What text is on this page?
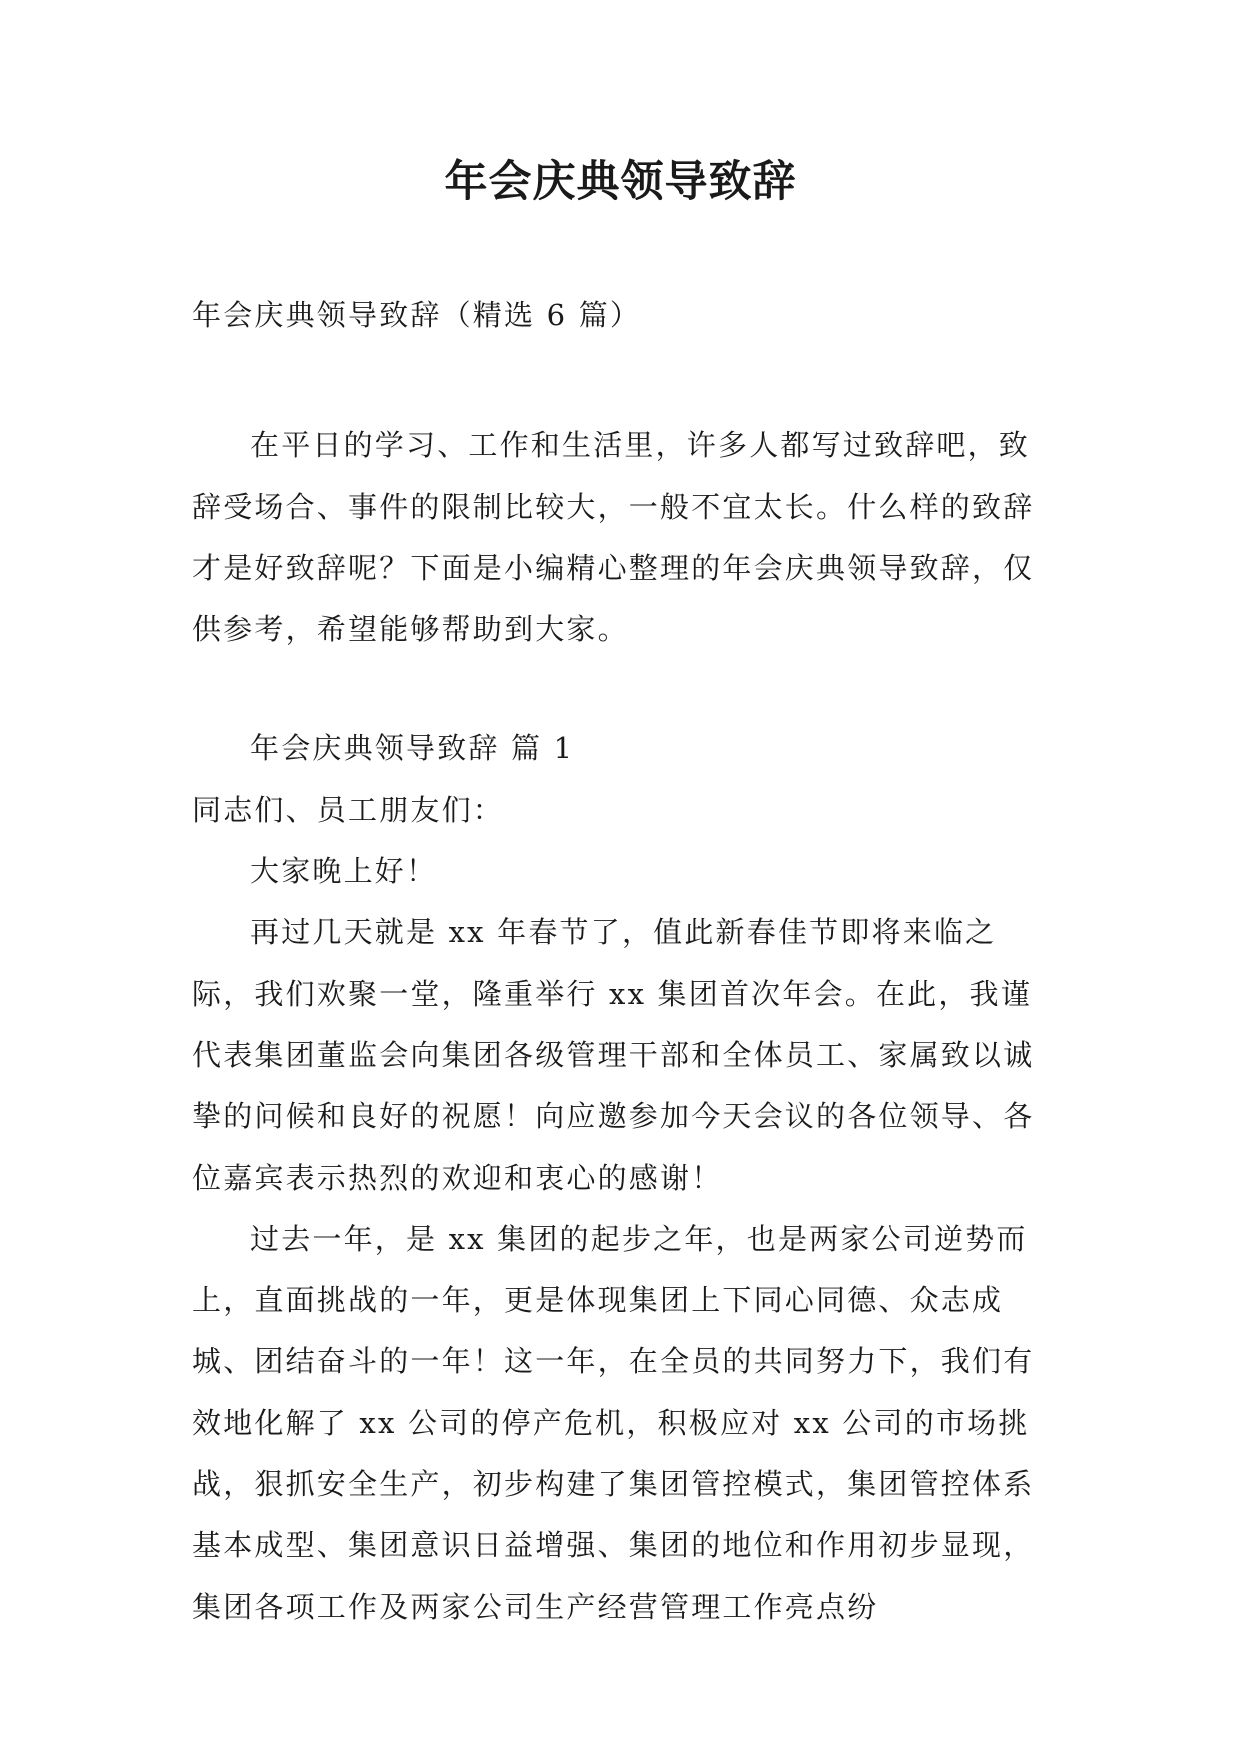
年会庆典领导致辞

年会庆典领导致辞（精选 6 篇）

在平日的学习、工作和生活里，许多人都写过致辞吧，致辞受场合、事件的限制比较大，一般不宜太长。什么样的致辞才是好致辞呢？下面是小编精心整理的年会庆典领导致辞，仅供参考，希望能够帮助到大家。

年会庆典领导致辞 篇 1

同志们、员工朋友们：

大家晚上好！

再过几天就是 xx 年春节了，值此新春佳节即将来临之际，我们欢聚一堂，隆重举行 xx 集团首次年会。在此，我谨代表集团董监会向集团各级管理干部和全体员工、家属致以诚挚的问候和良好的祝愿！向应邀参加今天会议的各位领导、各位嘉宾表示热烈的欢迎和衷心的感谢！

过去一年，是 xx 集团的起步之年，也是两家公司逆势而上，直面挑战的一年，更是体现集团上下同心同德、众志成城、团结奋斗的一年！这一年，在全员的共同努力下，我们有效地化解了 xx 公司的停产危机，积极应对 xx 公司的市场挑战，狠抓安全生产，初步构建了集团管控模式，集团管控体系基本成型、集团意识日益增强、集团的地位和作用初步显现，集团各项工作及两家公司生产经营管理工作亮点纷
